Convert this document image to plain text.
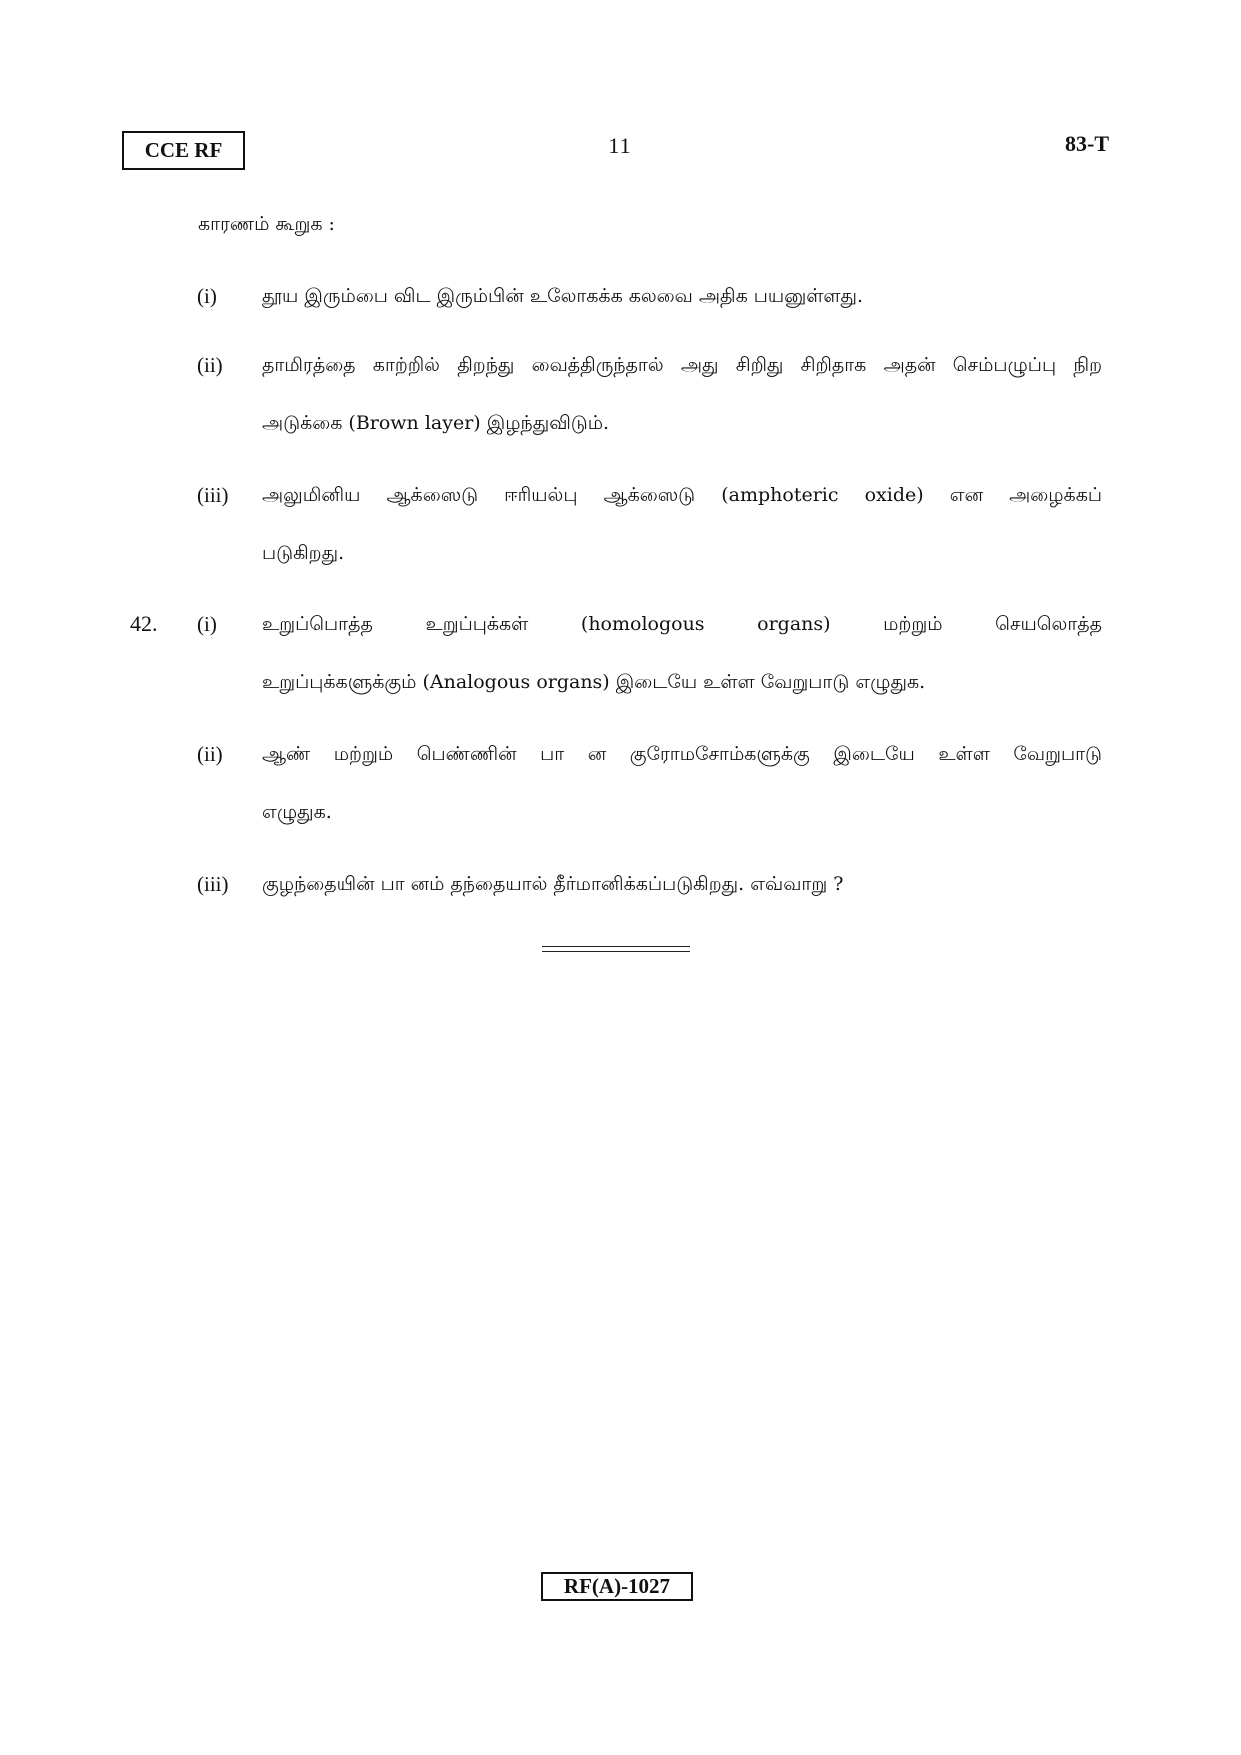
CCE RF	11	83-T
காரணம் கூறுக :
(i) தூய இரும்பை விட இரும்பின் உலோகக்க கலவை அதிக பயனுள்ளது.
(ii) தாமிரத்தை காற்றில் திறந்து வைத்திருந்தால் அது சிறிது சிறிதாக அதன் செம்பழுப்பு நிற
அடுக்கை (Brown layer) இழந்துவிடும்.
(iii) அலுமினிய ஆக்ஸைடு ஈரியல்பு ஆக்ஸைடு (amphoteric oxide) என அழைக்கப்
படுகிறது.
42. (i) உறுப்பொத்த உறுப்புக்கள் (homologous organs) மற்றும் செயலொத்த
உறுப்புக்களுக்கும் (Analogous organs) இடையே உள்ள வேறுபாடு எழுதுக.
(ii) ஆண் மற்றும் பெண்ணின் பா ன குரோமசோம்களுக்கு இடையே உள்ள வேறுபாடு
எழுதுக.
(iii) குழந்தையின் பா னம் தந்தையால் தீர்மானிக்கப்படுகிறது. எவ்வாறு ?
RF(A)-1027
